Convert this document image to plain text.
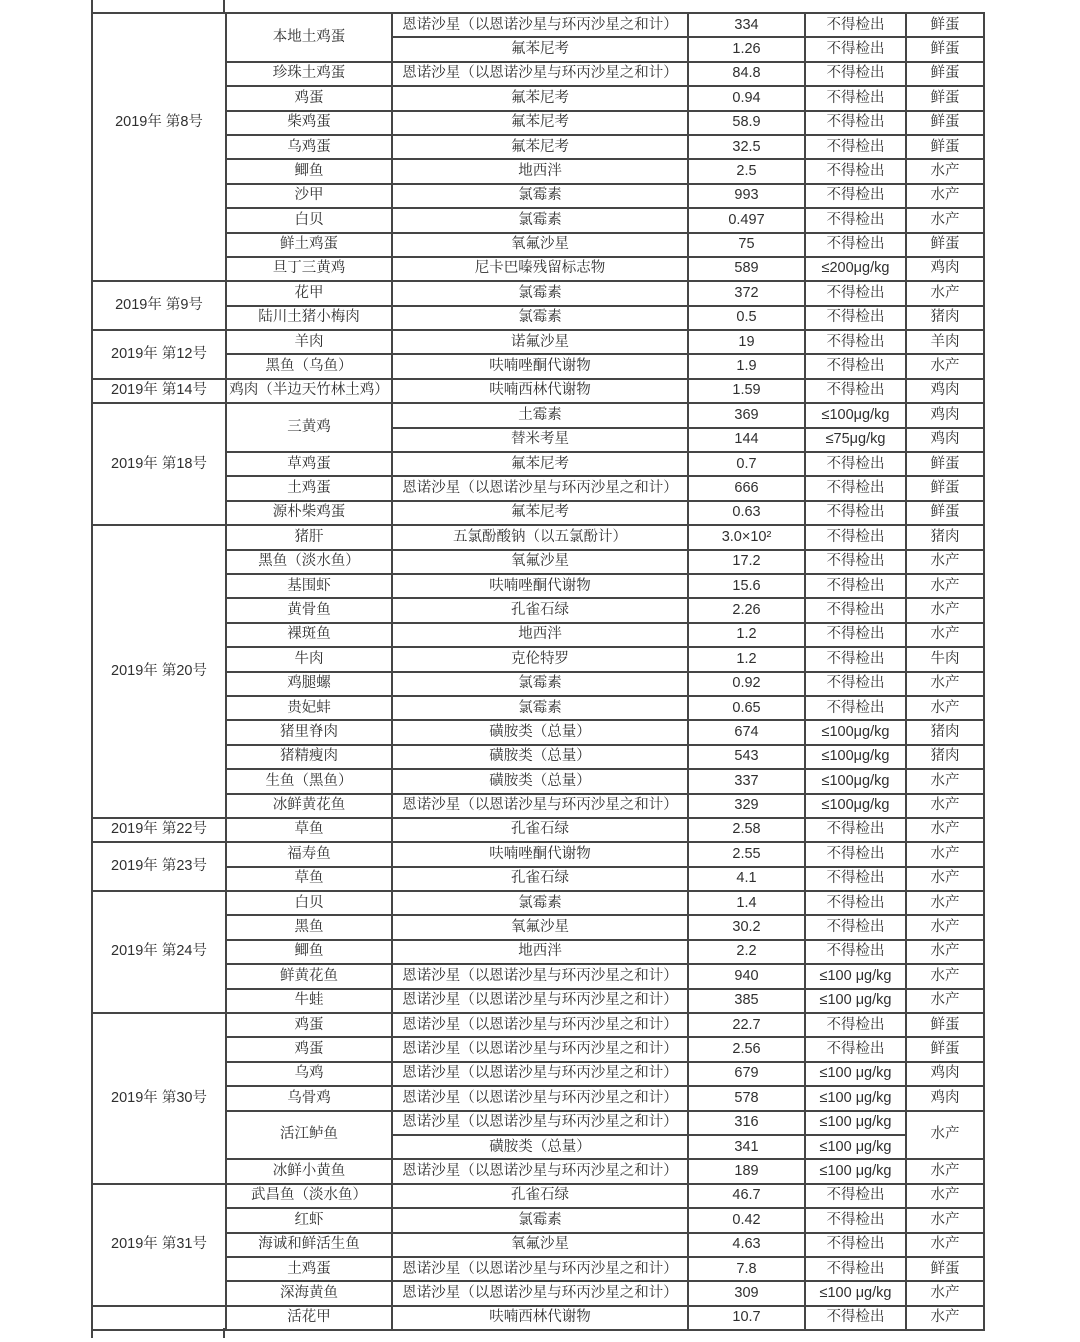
2019年 第8号	本地土鸡蛋	恩诺沙星（以恩诺沙星与环丙沙星之和计）	334	不得检出	鲜蛋
		氟苯尼考	1.26	不得检出	鲜蛋
	珍珠土鸡蛋	恩诺沙星（以恩诺沙星与环丙沙星之和计）	84.8	不得检出	鲜蛋
	鸡蛋	氟苯尼考	0.94	不得检出	鲜蛋
	柴鸡蛋	氟苯尼考	58.9	不得检出	鲜蛋
	乌鸡蛋	氟苯尼考	32.5	不得检出	鲜蛋
	鲫鱼	地西泮	2.5	不得检出	水产
	沙甲	氯霉素	993	不得检出	水产
	白贝	氯霉素	0.497	不得检出	水产
	鲜土鸡蛋	氧氟沙星	75	不得检出	鲜蛋
	旦丁三黄鸡	尼卡巴嗪残留标志物	589	≤200μg/kg	鸡肉
2019年 第9号	花甲	氯霉素	372	不得检出	水产
	陆川土猪小梅肉	氯霉素	0.5	不得检出	猪肉
2019年 第12号	羊肉	诺氟沙星	19	不得检出	羊肉
	黑鱼（乌鱼）	呋喃唑酮代谢物	1.9	不得检出	水产
2019年 第14号	鸡肉（半边天竹林土鸡）	呋喃西林代谢物	1.59	不得检出	鸡肉
2019年 第18号	三黄鸡	土霉素	369	≤100μg/kg	鸡肉
		替米考星	144	≤75μg/kg	鸡肉
	草鸡蛋	氟苯尼考	0.7	不得检出	鲜蛋
	土鸡蛋	恩诺沙星（以恩诺沙星与环丙沙星之和计）	666	不得检出	鲜蛋
	源朴柴鸡蛋	氟苯尼考	0.63	不得检出	鲜蛋
2019年 第20号	猪肝	五氯酚酸钠（以五氯酚计）	3.0×10²	不得检出	猪肉
	黑鱼（淡水鱼）	氧氟沙星	17.2	不得检出	水产
	基围虾	呋喃唑酮代谢物	15.6	不得检出	水产
	黄骨鱼	孔雀石绿	2.26	不得检出	水产
	裸斑鱼	地西泮	1.2	不得检出	水产
	牛肉	克伦特罗	1.2	不得检出	牛肉
	鸡腿螺	氯霉素	0.92	不得检出	水产
	贵妃蚌	氯霉素	0.65	不得检出	水产
	猪里脊肉	磺胺类（总量）	674	≤100μg/kg	猪肉
	猪精瘦肉	磺胺类（总量）	543	≤100μg/kg	猪肉
	生鱼（黑鱼）	磺胺类（总量）	337	≤100μg/kg	水产
	冰鲜黄花鱼	恩诺沙星（以恩诺沙星与环丙沙星之和计）	329	≤100μg/kg	水产
2019年 第22号	草鱼	孔雀石绿	2.58	不得检出	水产
2019年 第23号	福寿鱼	呋喃唑酮代谢物	2.55	不得检出	水产
	草鱼	孔雀石绿	4.1	不得检出	水产
2019年 第24号	白贝	氯霉素	1.4	不得检出	水产
	黑鱼	氧氟沙星	30.2	不得检出	水产
	鲫鱼	地西泮	2.2	不得检出	水产
	鲜黄花鱼	恩诺沙星（以恩诺沙星与环丙沙星之和计）	940	≤100 μg/kg	水产
	牛蛙	恩诺沙星（以恩诺沙星与环丙沙星之和计）	385	≤100 μg/kg	水产
2019年 第30号	鸡蛋	恩诺沙星（以恩诺沙星与环丙沙星之和计）	22.7	不得检出	鲜蛋
	鸡蛋	恩诺沙星（以恩诺沙星与环丙沙星之和计）	2.56	不得检出	鲜蛋
	乌鸡	恩诺沙星（以恩诺沙星与环丙沙星之和计）	679	≤100 μg/kg	鸡肉
	乌骨鸡	恩诺沙星（以恩诺沙星与环丙沙星之和计）	578	≤100 μg/kg	鸡肉
	活江鲈鱼	恩诺沙星（以恩诺沙星与环丙沙星之和计）	316	≤100 μg/kg	水产
		磺胺类（总量）	341	≤100 μg/kg	
	冰鲜小黄鱼	恩诺沙星（以恩诺沙星与环丙沙星之和计）	189	≤100 μg/kg	水产
2019年 第31号	武昌鱼（淡水鱼）	孔雀石绿	46.7	不得检出	水产
	红虾	氯霉素	0.42	不得检出	水产
	海诚和鲜活生鱼	氧氟沙星	4.63	不得检出	水产
	土鸡蛋	恩诺沙星（以恩诺沙星与环丙沙星之和计）	7.8	不得检出	鲜蛋
	深海黄鱼	恩诺沙星（以恩诺沙星与环丙沙星之和计）	309	≤100 μg/kg	水产
	活花甲	呋喃西林代谢物	10.7	不得检出	水产
